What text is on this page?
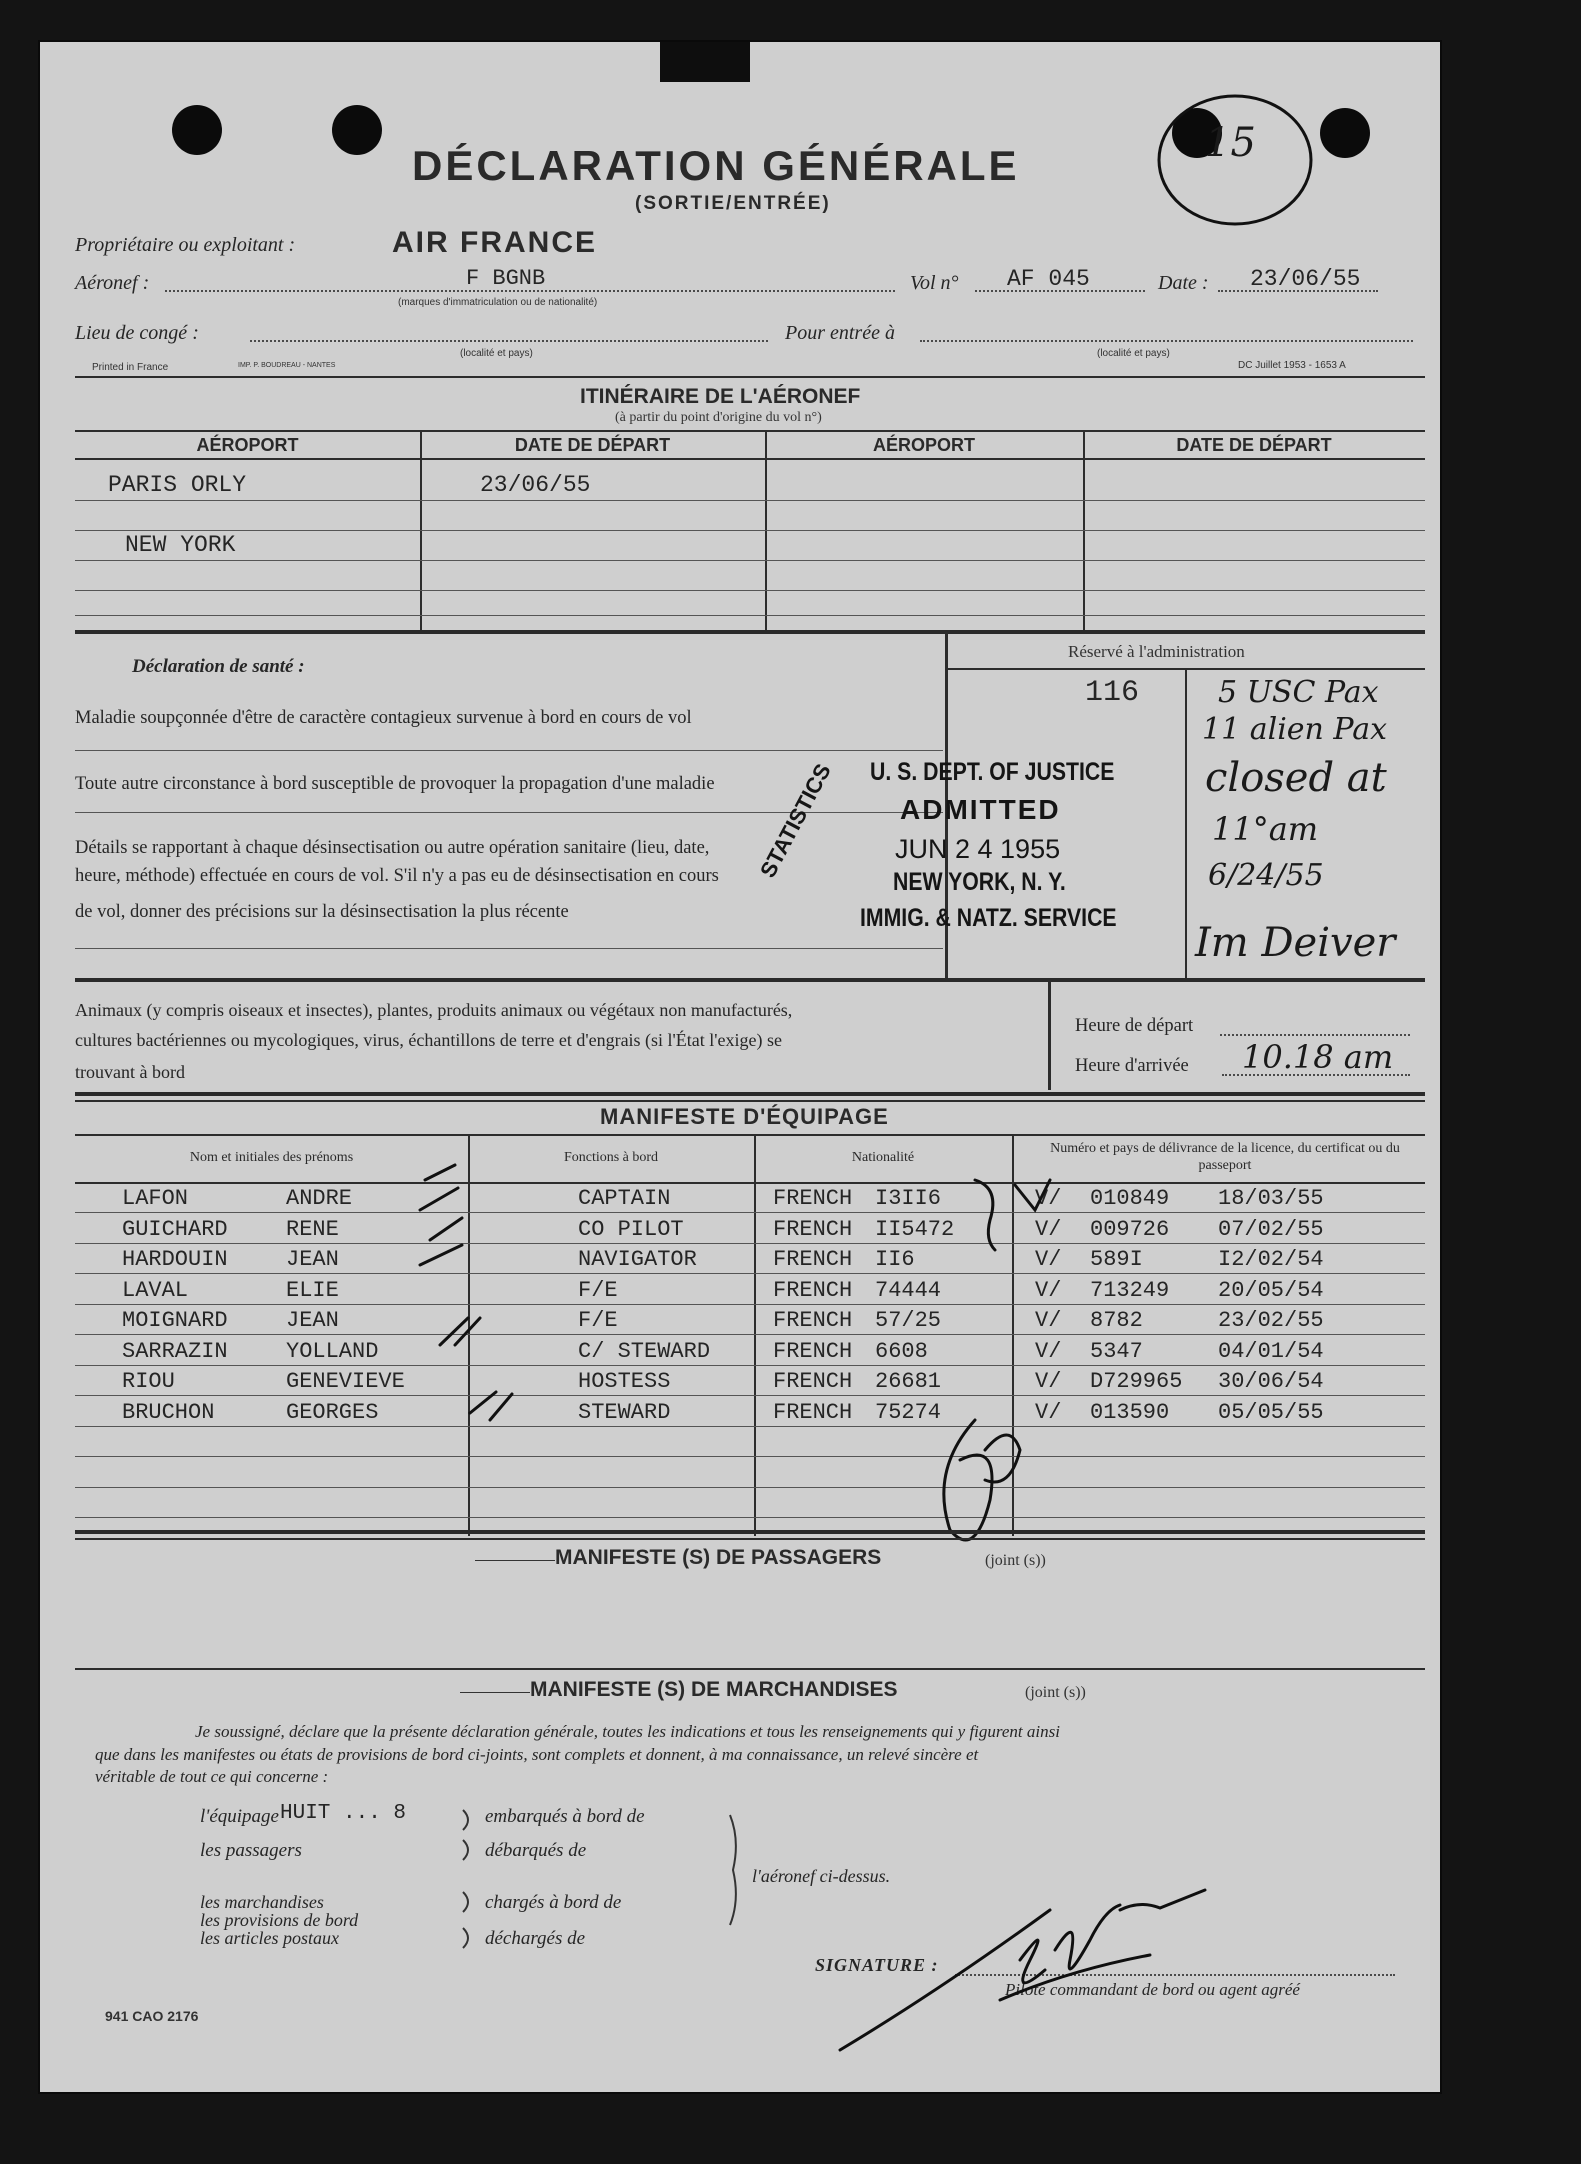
DÉCLARATION GÉNÉRALE
(SORTIE/ENTRÉE)
15
Propriétaire ou exploitant :	AIR FRANCE
Aéronef :	F BGNB
(marques d'immatriculation ou de nationalité)
Vol n° AF 045	Date : 23/06/55
Lieu de congé :
(localité et pays)
Pour entrée à
(localité et pays)
Printed in France	IMP. P. BOUDREAU - NANTES	DC Juillet 1953 - 1653 A
ITINÉRAIRE DE L'AÉRONEF
(à partir du point d'origine du vol n°)
AÉROPORT	DATE DE DÉPART	AÉROPORT	DATE DE DÉPART
PARIS ORLY	23/06/55
NEW YORK
Déclaration de santé :
Maladie soupçonnée d'être de caractère contagieux survenue à bord en cours de vol
Toute autre circonstance à bord susceptible de provoquer la propagation d'une maladie
Détails se rapportant à chaque désinsectisation ou autre opération sanitaire (lieu, date,
heure, méthode) effectuée en cours de vol. S'il n'y a pas eu de désinsectisation en cours
de vol, donner des précisions sur la désinsectisation la plus récente
Réservé à l'administration
116	5 USC Pax
11 alien Pax
closed at
11°am
6/24/55
Im Deiver
U. S. DEPT. OF JUSTICE
ADMITTED
JUN 2 4 1955
NEW YORK, N. Y.
IMMIG. & NATZ. SERVICE
STATISTICS
Animaux (y compris oiseaux et insectes), plantes, produits animaux ou végétaux non manufacturés,
cultures bactériennes ou mycologiques, virus, échantillons de terre et d'engrais (si l'État l'exige) se
trouvant à bord
Heure de départ
Heure d'arrivée 10.18 am
MANIFESTE D'ÉQUIPAGE
Nom et initiales des prénoms	Fonctions à bord	Nationalité
Numéro et pays de délivrance de la licence, du certificat ou du passeport
LAFON	ANDRE	CAPTAIN	FRENCH I3II6	V/ 010849 18/03/55
GUICHARD	RENE	CO PILOT	FRENCH II5472	V/ 009726 07/02/55
HARDOUIN	JEAN	NAVIGATOR	FRENCH II6	V/ 589I	I2/02/54
LAVAL	ELIE	F/E	FRENCH 74444	V/ 713249 20/05/54
MOIGNARD	JEAN	F/E	FRENCH 57/25	V/ 8782	23/02/55
SARRAZIN	YOLLAND	C/ STEWARD	FRENCH 6608	V/ 5347	04/01/54
RIOU	GENEVIEVE	HOSTESS	FRENCH 26681	V/ D729965 30/06/54
BRUCHON	GEORGES	STEWARD	FRENCH 75274	V/ 013590 05/05/55
MANIFESTE (S) DE PASSAGERS	(joint (s))
MANIFESTE (S) DE MARCHANDISES	(joint (s))
Je soussigné, déclare que la présente déclaration générale, toutes les indications et tous les renseignements qui y figurent ainsi
que dans les manifestes ou états de provisions de bord ci-joints, sont complets et donnent, à ma connaissance, un relevé sincère et
véritable de tout ce qui concerne :
l'équipage HUIT ... 8
les passagers
les marchandises
les provisions de bord
les articles postaux
embarqués à bord de
débarqués de
chargés à bord de
déchargés de
l'aéronef ci-dessus.
SIGNATURE :
Pilote commandant de bord ou agent agréé
941 CAO 2176
